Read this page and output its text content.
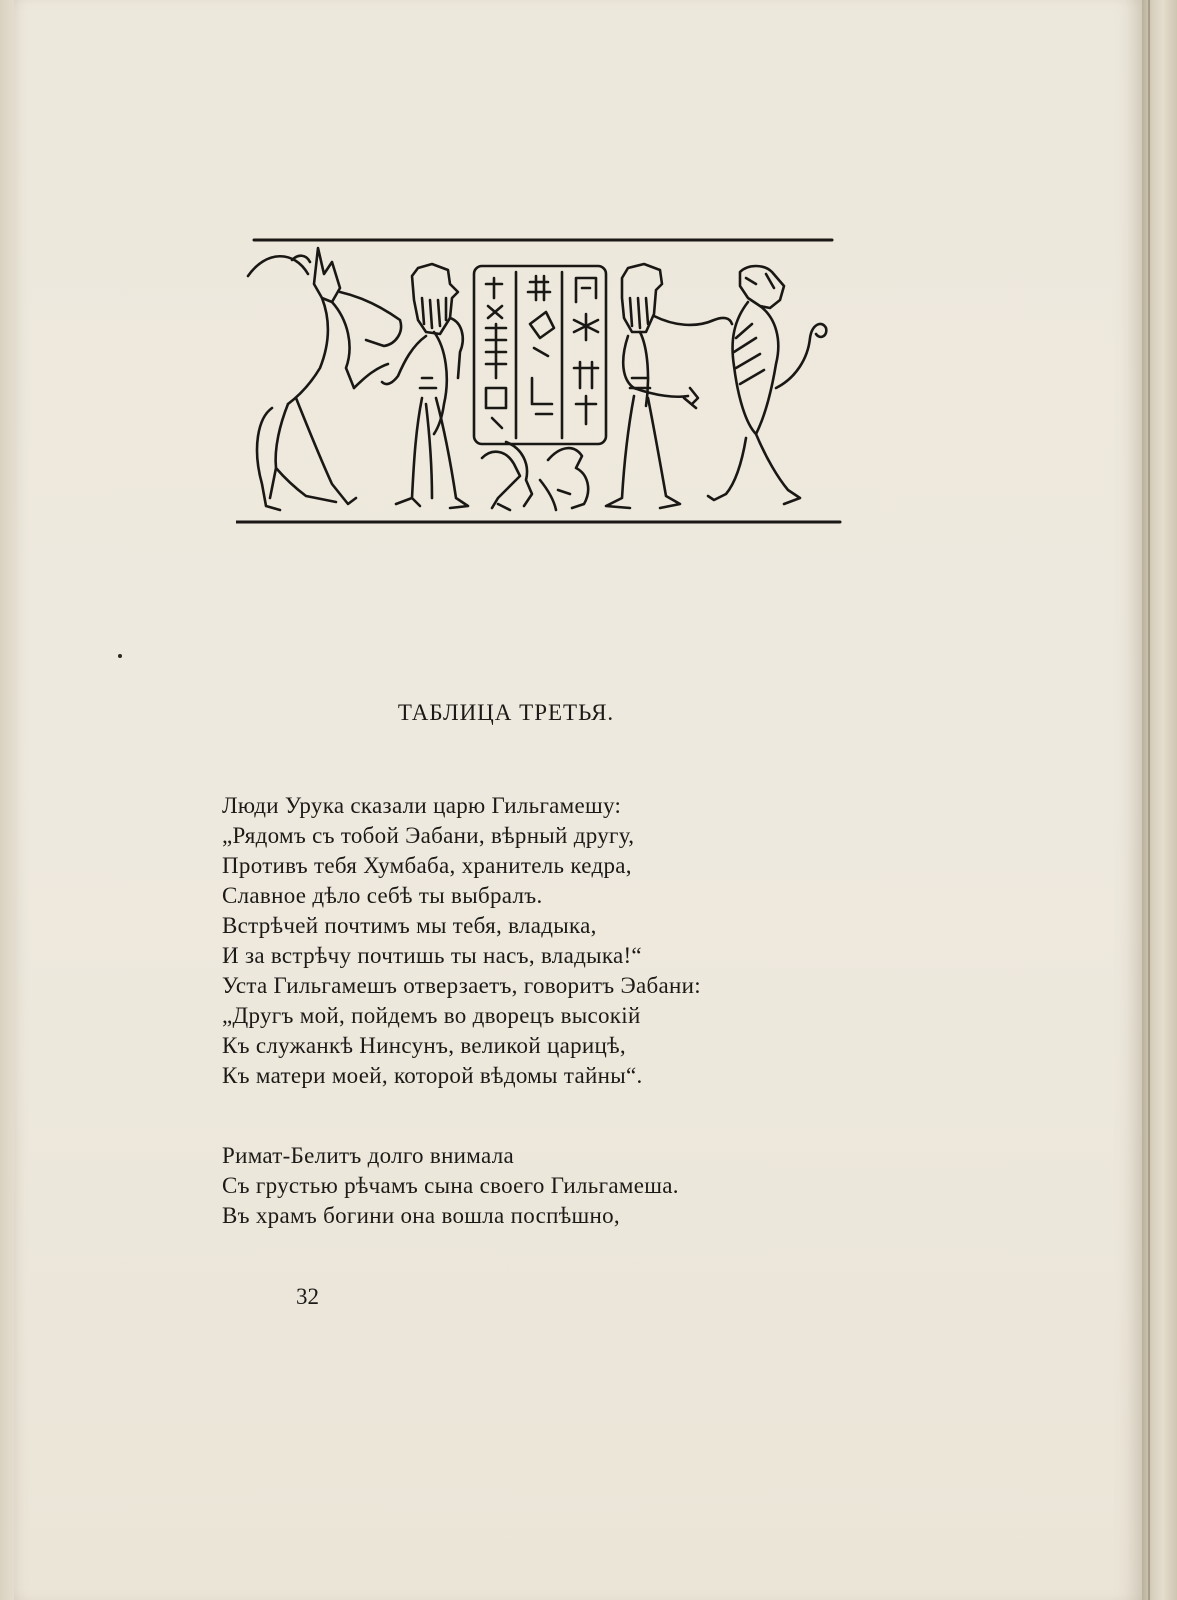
ТАБЛИЦА ТРЕТЬЯ.
Люди Урука сказали царю Гильгамешу:
„Рядомъ съ тобой Эабани, вѣрный другу,
Противъ тебя Хумбаба, хранитель кедра,
Славное дѣло себѣ ты выбралъ.
Встрѣчей почтимъ мы тебя, владыка,
И за встрѣчу почтишь ты насъ, владыка!“
Уста Гильгамешъ отверзаетъ, говоритъ Эабани:
„Другъ мой, пойдемъ во дворецъ высокій
Къ служанкѣ Нинсунъ, великой царицѣ,
Къ матери моей, которой вѣдомы тайны“.
Римат-Белитъ долго внимала
Съ грустью рѣчамъ сына своего Гильгамеша.
Въ храмъ богини она вошла поспѣшно,
32
